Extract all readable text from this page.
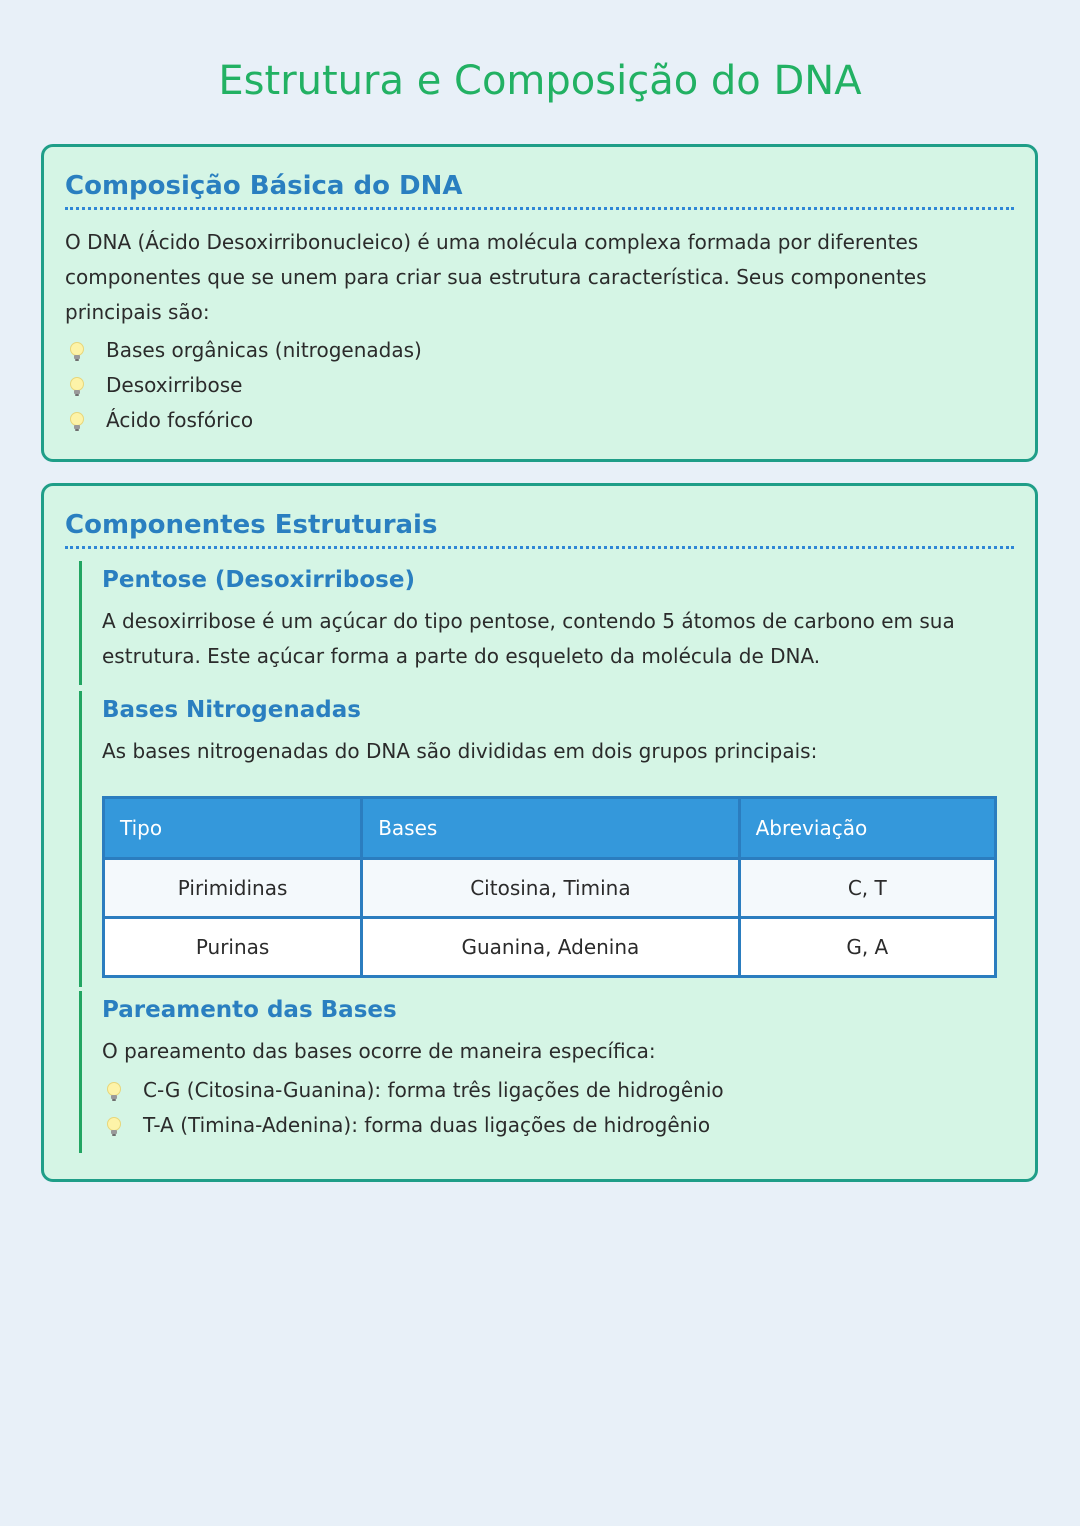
Estrutura e Composição do DNA
Composição Básica do DNA

O DNA (Ácido Desoxirribonucleico) é uma molécula complexa formada por diferentes componentes que se unem para criar sua estrutura característica. Seus componentes principais são:

Bases orgânicas (nitrogenadas)
Desoxirribose
Ácido fosfórico
Componentes Estruturais
Pentose (Desoxirribose)

A desoxirribose é um açúcar do tipo pentose, contendo 5 átomos de carbono em sua estrutura. Este açúcar forma a parte do esqueleto da molécula de DNA.

Bases Nitrogenadas

As bases nitrogenadas do DNA são divididas em dois grupos principais:

Tipo	Bases	Abreviação
Pirimidinas	Citosina, Timina	C, T
Purinas	Guanina, Adenina	G, A
Pareamento das Bases

O pareamento das bases ocorre de maneira específica:

C-G (Citosina-Guanina): forma três ligações de hidrogênio
T-A (Timina-Adenina): forma duas ligações de hidrogênio
